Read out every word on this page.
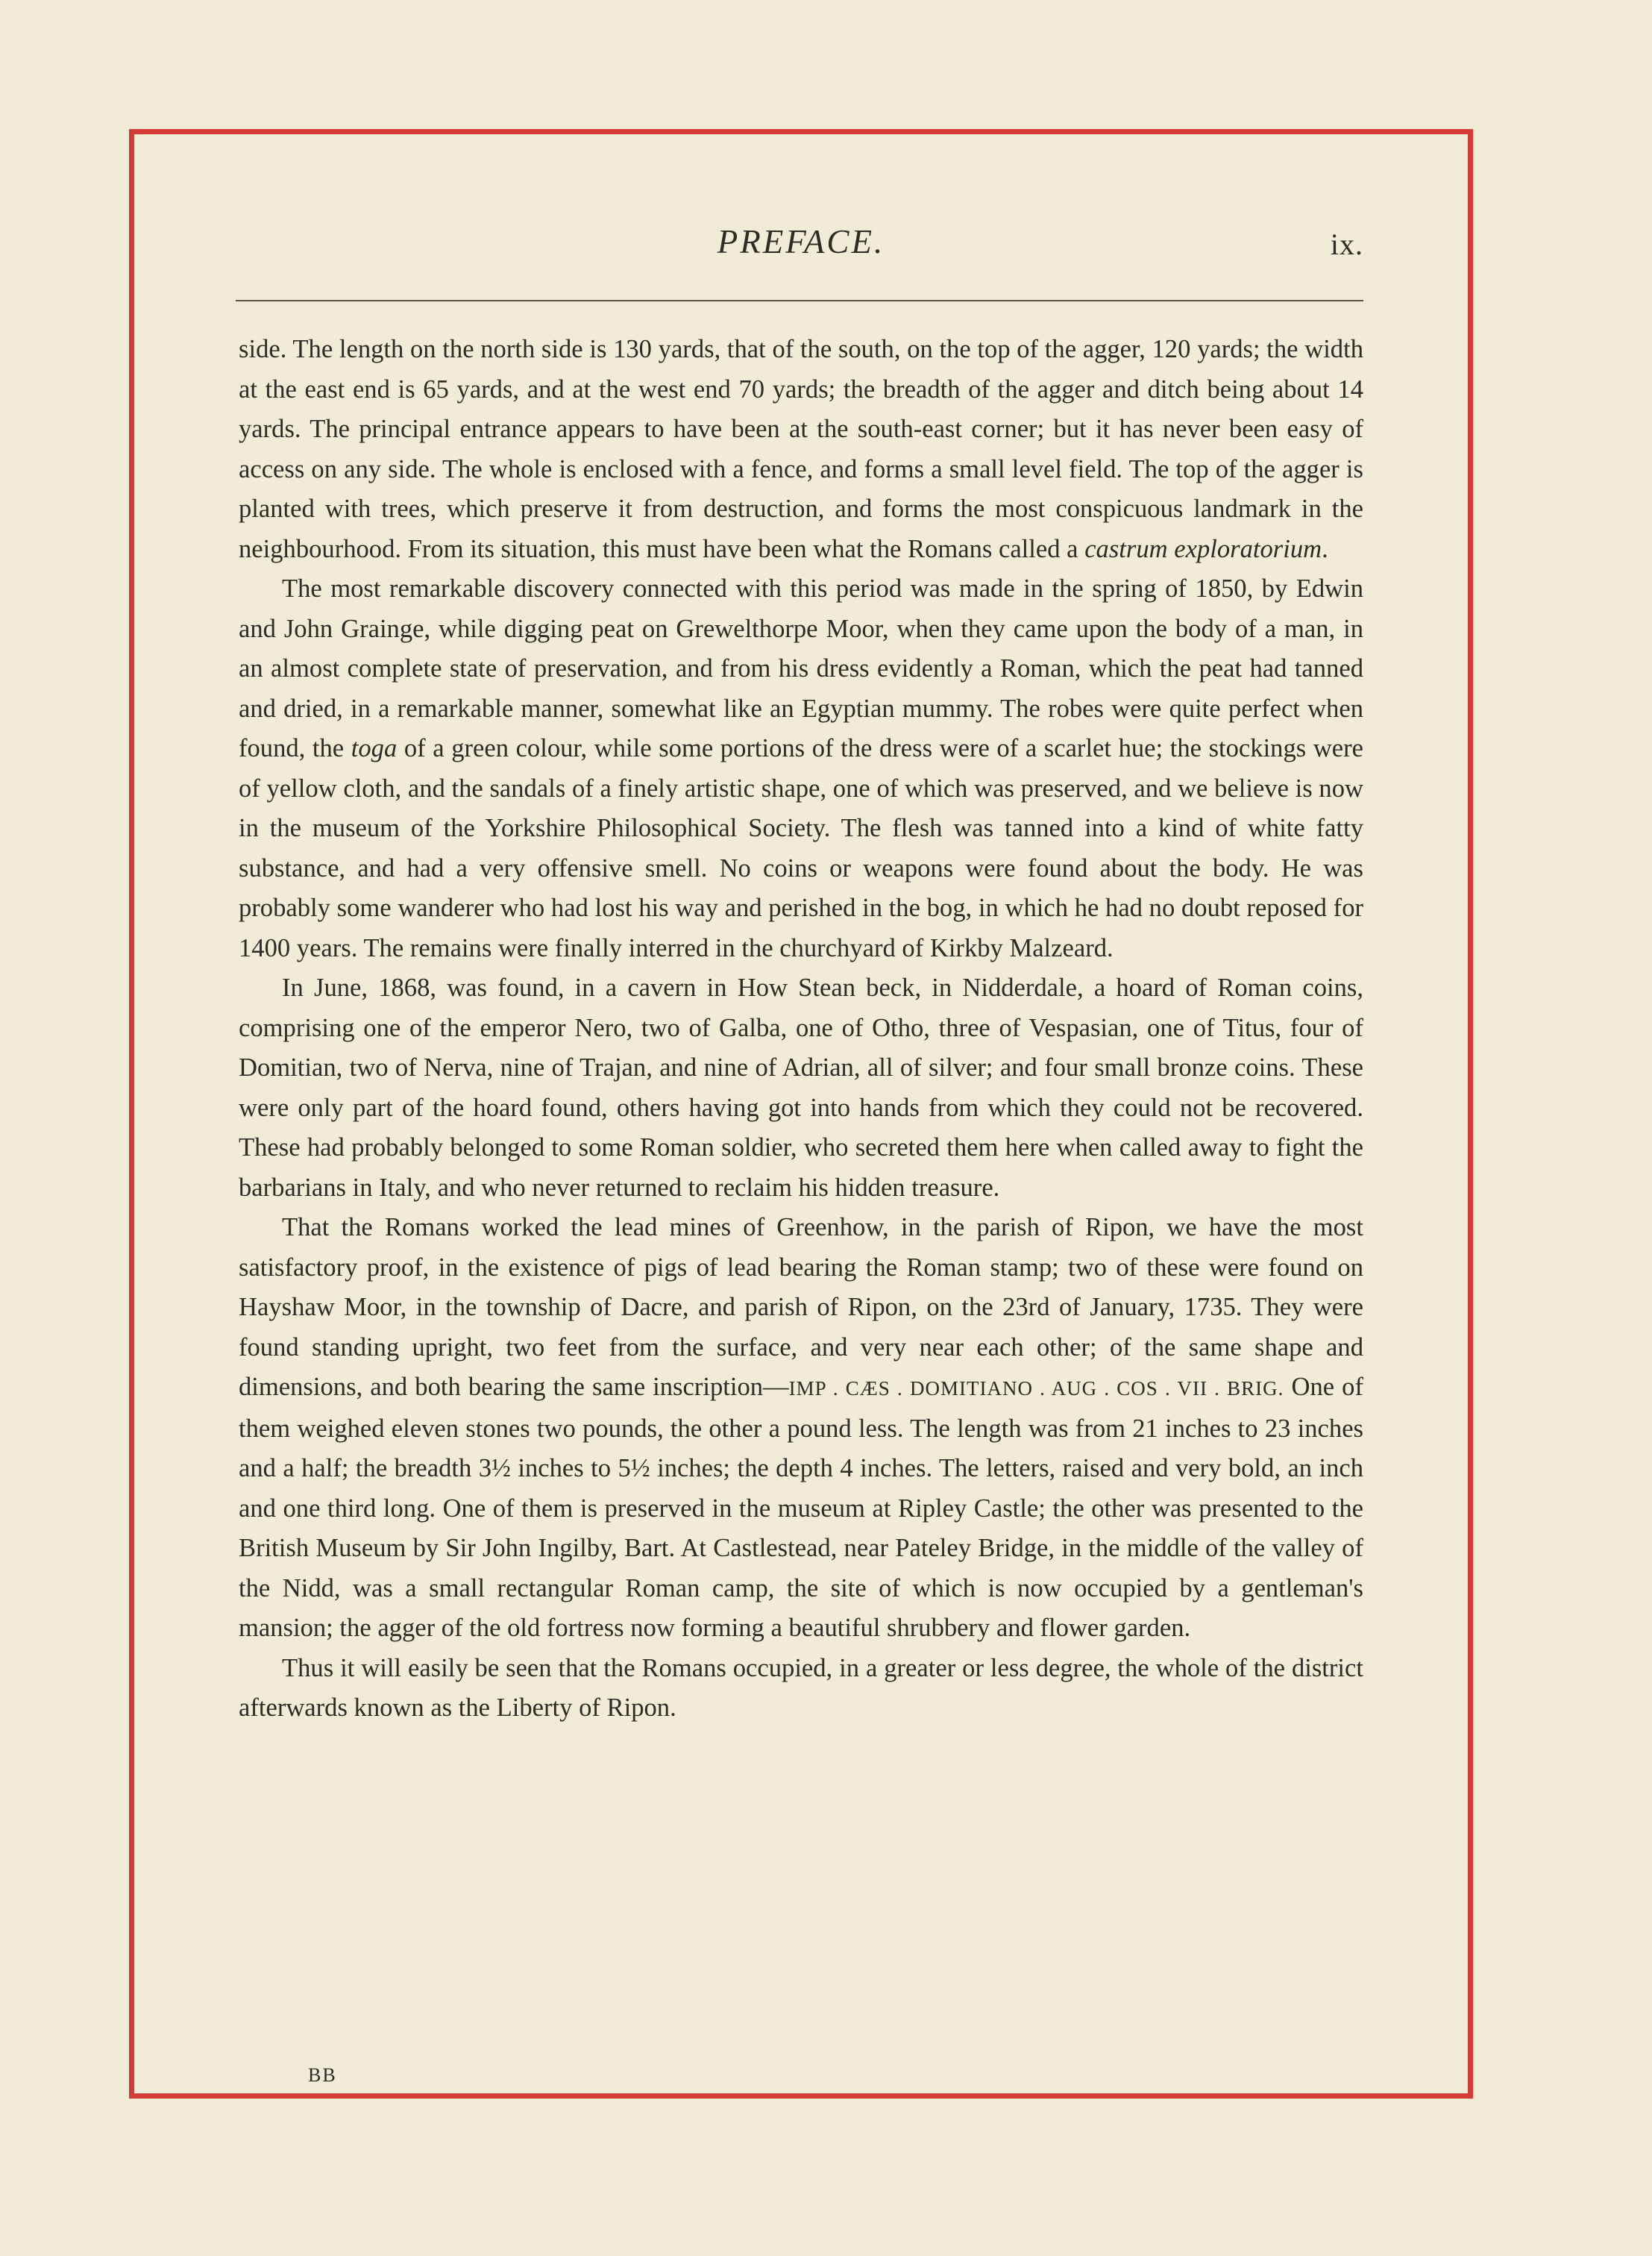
PREFACE.	ix.

side. The length on the north side is 130 yards, that of the south, on the top of the agger, 120 yards; the width at the east end is 65 yards, and at the west end 70 yards; the breadth of the agger and ditch being about 14 yards. The principal entrance appears to have been at the south-east corner; but it has never been easy of access on any side. The whole is enclosed with a fence, and forms a small level field. The top of the agger is planted with trees, which preserve it from destruction, and forms the most conspicuous landmark in the neighbourhood. From its situation, this must have been what the Romans called a castrum exploratorium.

The most remarkable discovery connected with this period was made in the spring of 1850, by Edwin and John Grainge, while digging peat on Grewelthorpe Moor, when they came upon the body of a man, in an almost complete state of preservation, and from his dress evidently a Roman, which the peat had tanned and dried, in a remarkable manner, somewhat like an Egyptian mummy. The robes were quite perfect when found, the toga of a green colour, while some portions of the dress were of a scarlet hue; the stockings were of yellow cloth, and the sandals of a finely artistic shape, one of which was preserved, and we believe is now in the museum of the Yorkshire Philosophical Society. The flesh was tanned into a kind of white fatty substance, and had a very offensive smell. No coins or weapons were found about the body. He was probably some wanderer who had lost his way and perished in the bog, in which he had no doubt reposed for 1400 years. The remains were finally interred in the churchyard of Kirkby Malzeard.

In June, 1868, was found, in a cavern in How Stean beck, in Nidderdale, a hoard of Roman coins, comprising one of the emperor Nero, two of Galba, one of Otho, three of Vespasian, one of Titus, four of Domitian, two of Nerva, nine of Trajan, and nine of Adrian, all of silver; and four small bronze coins. These were only part of the hoard found, others having got into hands from which they could not be recovered. These had probably belonged to some Roman soldier, who secreted them here when called away to fight the barbarians in Italy, and who never returned to reclaim his hidden treasure.

That the Romans worked the lead mines of Greenhow, in the parish of Ripon, we have the most satisfactory proof, in the existence of pigs of lead bearing the Roman stamp; two of these were found on Hayshaw Moor, in the township of Dacre, and parish of Ripon, on the 23rd of January, 1735. They were found standing upright, two feet from the surface, and very near each other; of the same shape and dimensions, and both bearing the same inscription—IMP . CÆS . DOMITIANO . AUG . COS . VII . BRIG. One of them weighed eleven stones two pounds, the other a pound less. The length was from 21 inches to 23 inches and a half; the breadth 3½ inches to 5½ inches; the depth 4 inches. The letters, raised and very bold, an inch and one third long. One of them is preserved in the museum at Ripley Castle; the other was presented to the British Museum by Sir John Ingilby, Bart. At Castlestead, near Pateley Bridge, in the middle of the valley of the Nidd, was a small rectangular Roman camp, the site of which is now occupied by a gentleman's mansion; the agger of the old fortress now forming a beautiful shrubbery and flower garden.

Thus it will easily be seen that the Romans occupied, in a greater or less degree, the whole of the district afterwards known as the Liberty of Ripon.

BB
